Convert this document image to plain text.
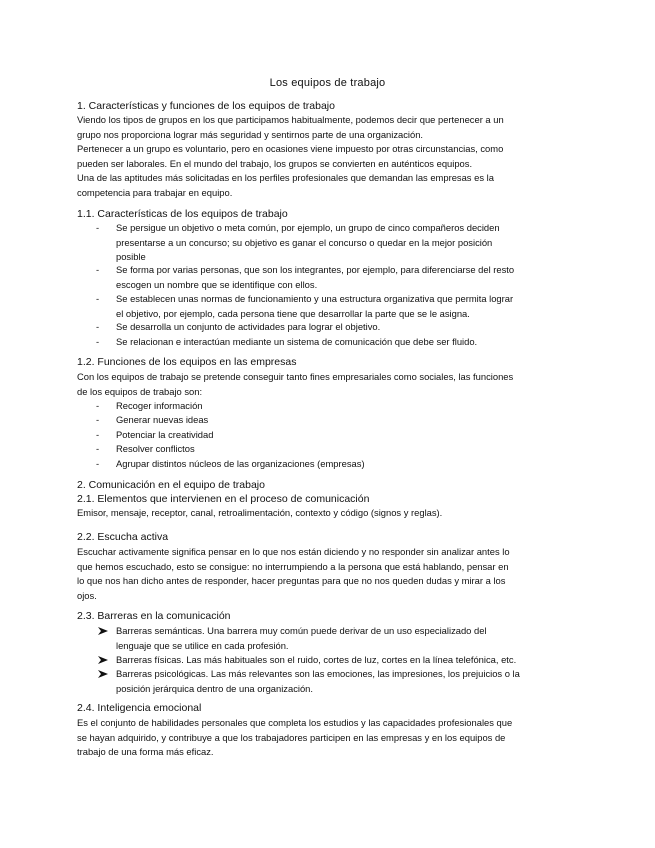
Los equipos de trabajo
1. Características y funciones de los equipos de trabajo
Viendo los tipos de grupos en los que participamos habitualmente, podemos decir que pertenecer a un
grupo nos proporciona lograr más seguridad y sentirnos parte de una organización.
Pertenecer a un grupo es voluntario, pero en ocasiones viene impuesto por otras circunstancias, como
pueden ser laborales. En el mundo del trabajo, los grupos se convierten en auténticos equipos.
Una de las aptitudes más solicitadas en los perfiles profesionales que demandan las empresas es la
competencia para trabajar en equipo.
1.1. Características de los equipos de trabajo
- Se persigue un objetivo o meta común, por ejemplo, un grupo de cinco compañeros deciden
presentarse a un concurso; su objetivo es ganar el concurso o quedar en la mejor posición
posible
- Se forma por varias personas, que son los integrantes, por ejemplo, para diferenciarse del resto
escogen un nombre que se identifique con ellos.
- Se establecen unas normas de funcionamiento y una estructura organizativa que permita lograr
el objetivo, por ejemplo, cada persona tiene que desarrollar la parte que se le asigna.
- Se desarrolla un conjunto de actividades para lograr el objetivo.
- Se relacionan e interactúan mediante un sistema de comunicación que debe ser fluido.
1.2. Funciones de los equipos en las empresas
Con los equipos de trabajo se pretende conseguir tanto fines empresariales como sociales, las funciones
de los equipos de trabajo son:
- Recoger información
- Generar nuevas ideas
- Potenciar la creatividad
- Resolver conflictos
- Agrupar distintos núcleos de las organizaciones (empresas)
2. Comunicación en el equipo de trabajo
2.1. Elementos que intervienen en el proceso de comunicación
Emisor, mensaje, receptor, canal, retroalimentación, contexto y código (signos y reglas).
2.2. Escucha activa
Escuchar activamente significa pensar en lo que nos están diciendo y no responder sin analizar antes lo
que hemos escuchado, esto se consigue: no interrumpiendo a la persona que está hablando, pensar en
lo que nos han dicho antes de responder, hacer preguntas para que no nos queden dudas y mirar a los
ojos.
2.3. Barreras en la comunicación
Barreras semánticas. Una barrera muy común puede derivar de un uso especializado del
lenguaje que se utilice en cada profesión.
Barreras físicas. Las más habituales son el ruido, cortes de luz, cortes en la línea telefónica, etc.
Barreras psicológicas. Las más relevantes son las emociones, las impresiones, los prejuicios o la
posición jerárquica dentro de una organización.
2.4. Inteligencia emocional
Es el conjunto de habilidades personales que completa los estudios y las capacidades profesionales que
se hayan adquirido, y contribuye a que los trabajadores participen en las empresas y en los equipos de
trabajo de una forma más eficaz.
